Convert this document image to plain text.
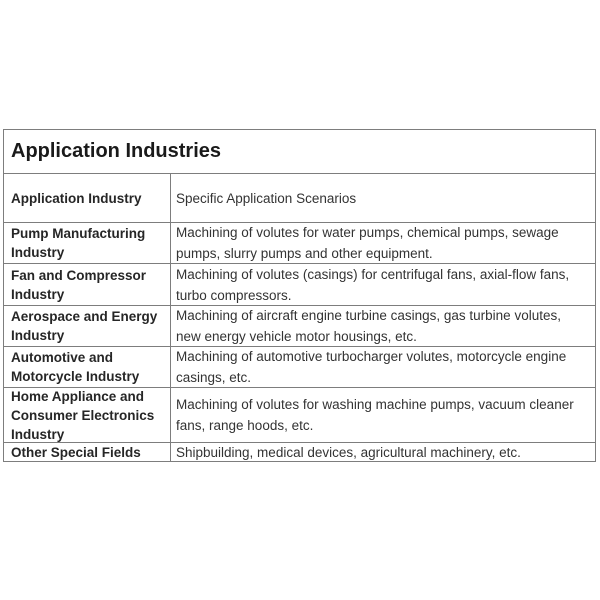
Application Industries
Application Industry	Specific Application Scenarios
Pump Manufacturing Industry
Machining of volutes for water pumps, chemical pumps, sewage pumps, slurry pumps and other equipment.
Fan and Compressor Industry
Machining of volutes (casings) for centrifugal fans, axial-flow fans, turbo compressors.
Aerospace and Energy Industry
Machining of aircraft engine turbine casings, gas turbine volutes, new energy vehicle motor housings, etc.
Automotive and Motorcycle Industry
Machining of automotive turbocharger volutes, motorcycle engine casings, etc.
Home Appliance and Consumer Electronics Industry
Machining of volutes for washing machine pumps, vacuum cleaner fans, range hoods, etc.
Other Special Fields	Shipbuilding, medical devices, agricultural machinery, etc.
